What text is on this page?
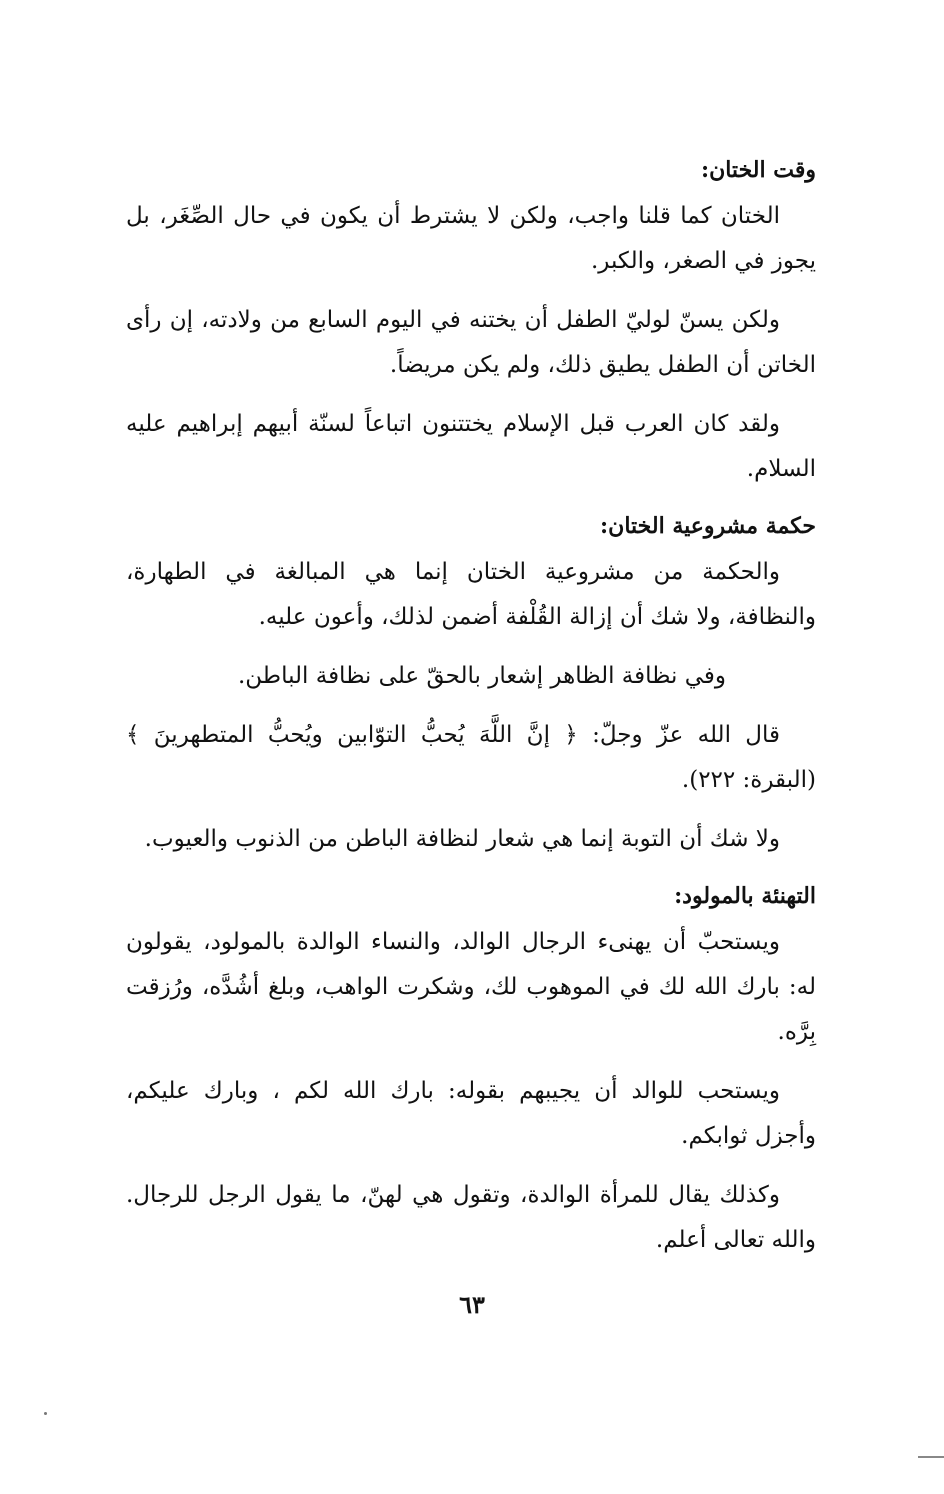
وقت الختان:

الختان كما قلنا واجب، ولكن لا يشترط أن يكون في حال الصِّغَر، بل يجوز في الصغر، والكبر.

ولكن يسنّ لوليّ الطفل أن يختنه في اليوم السابع من ولادته، إن رأى الخاتن أن الطفل يطيق ذلك، ولم يكن مريضاً.

ولقد كان العرب قبل الإسلام يختتنون اتباعاً لسنّة أبيهم إبراهيم عليه السلام.

حكمة مشروعية الختان:

والحكمة من مشروعية الختان إنما هي المبالغة في الطهارة، والنظافة، ولا شك أن إزالة القُلْفة أضمن لذلك، وأعون عليه.

وفي نظافة الظاهر إشعار بالحقّ على نظافة الباطن.

قال الله عزّ وجلّ: ﴿ إنَّ اللَّهَ يُحبُّ التوّابين ويُحبُّ المتطهرينَ ﴾ (البقرة: ٢٢٢).

ولا شك أن التوبة إنما هي شعار لنظافة الباطن من الذنوب والعيوب.

التهنئة بالمولود:

ويستحبّ أن يهنىء الرجال الوالد، والنساء الوالدة بالمولود، يقولون له: بارك الله لك في الموهوب لك، وشكرت الواهب، وبلغ أشُدَّه، ورُزقت بِرَّه.

ويستحب للوالد أن يجيبهم بقوله: بارك الله لكم ، وبارك عليكم، وأجزل ثوابكم.

وكذلك يقال للمرأة الوالدة، وتقول هي لهنّ، ما يقول الرجل للرجال. والله تعالى أعلم.

٦٣
